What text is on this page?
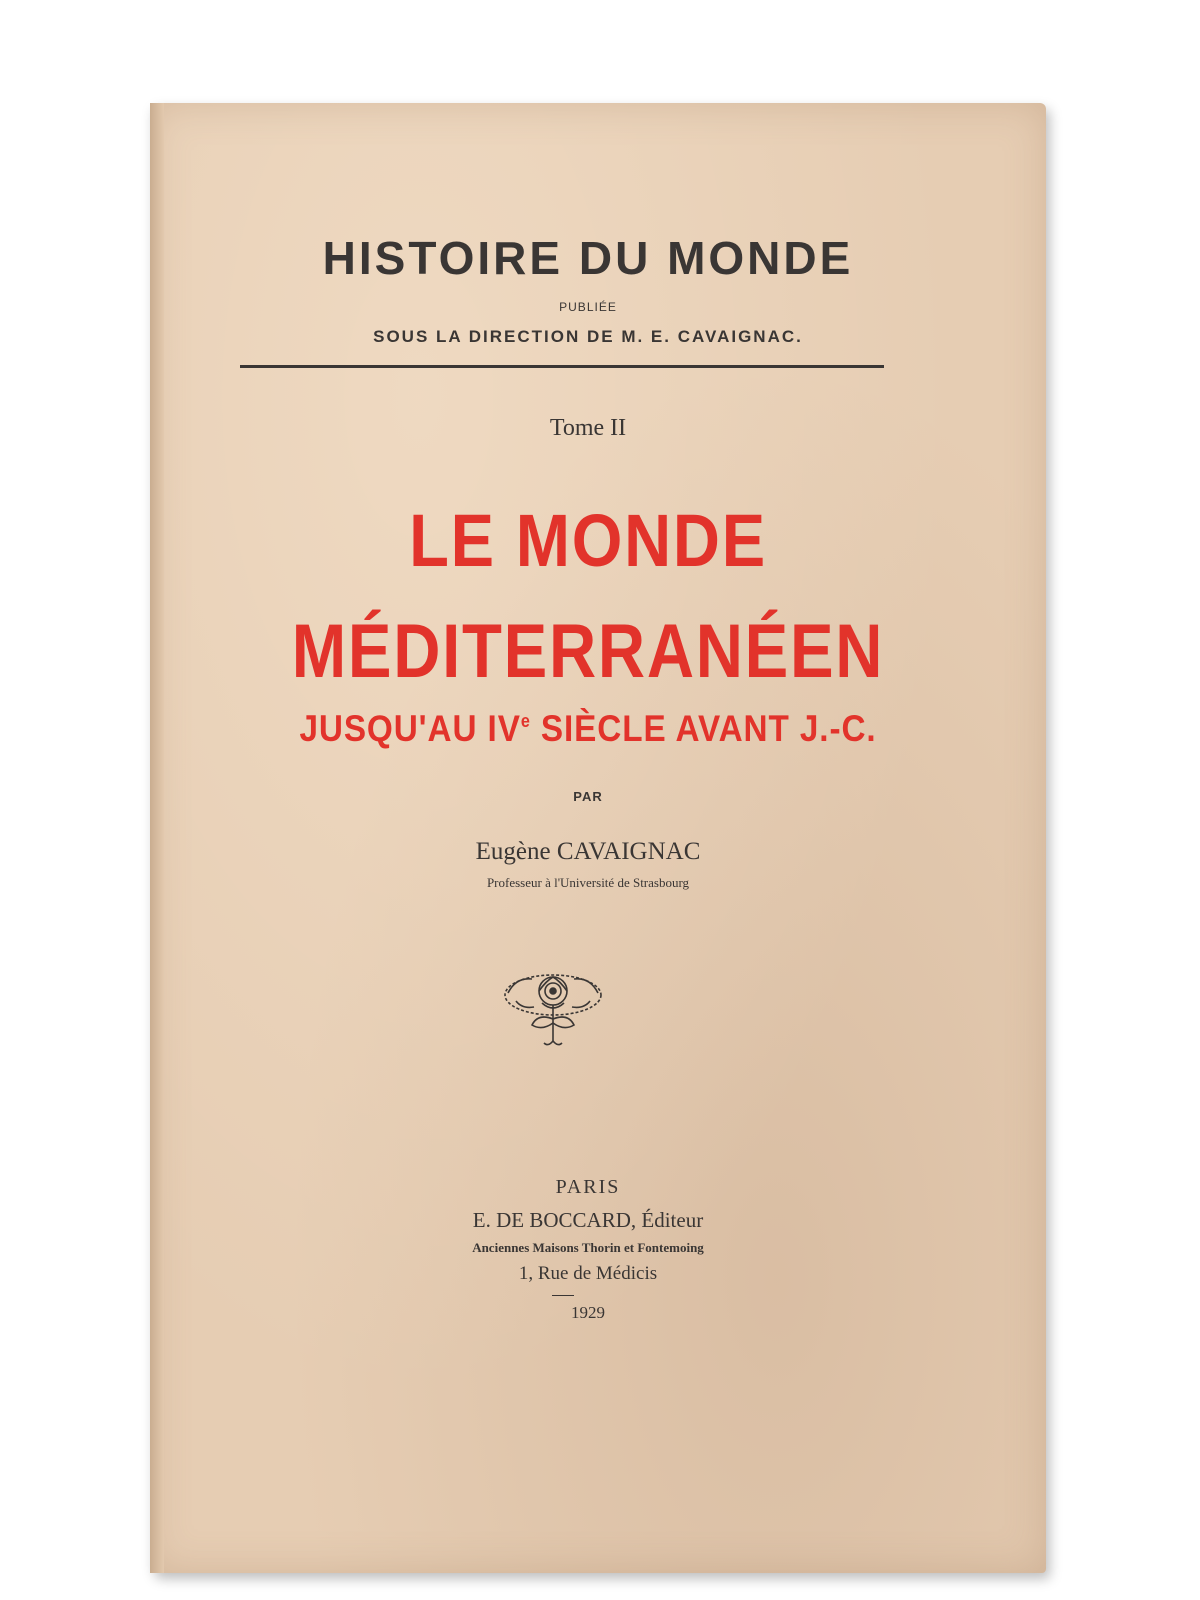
HISTOIRE DU MONDE
PUBLIÉE
SOUS LA DIRECTION DE M. E. CAVAIGNAC.
Tome II
LE MONDE
MÉDITERRANÉEN
JUSQU'AU IVe SIÈCLE AVANT J.-C.
PAR
Eugène CAVAIGNAC
Professeur à l'Université de Strasbourg
PARIS
E. DE BOCCARD, Éditeur
Anciennes Maisons Thorin et Fontemoing
1, Rue de Médicis
1929
